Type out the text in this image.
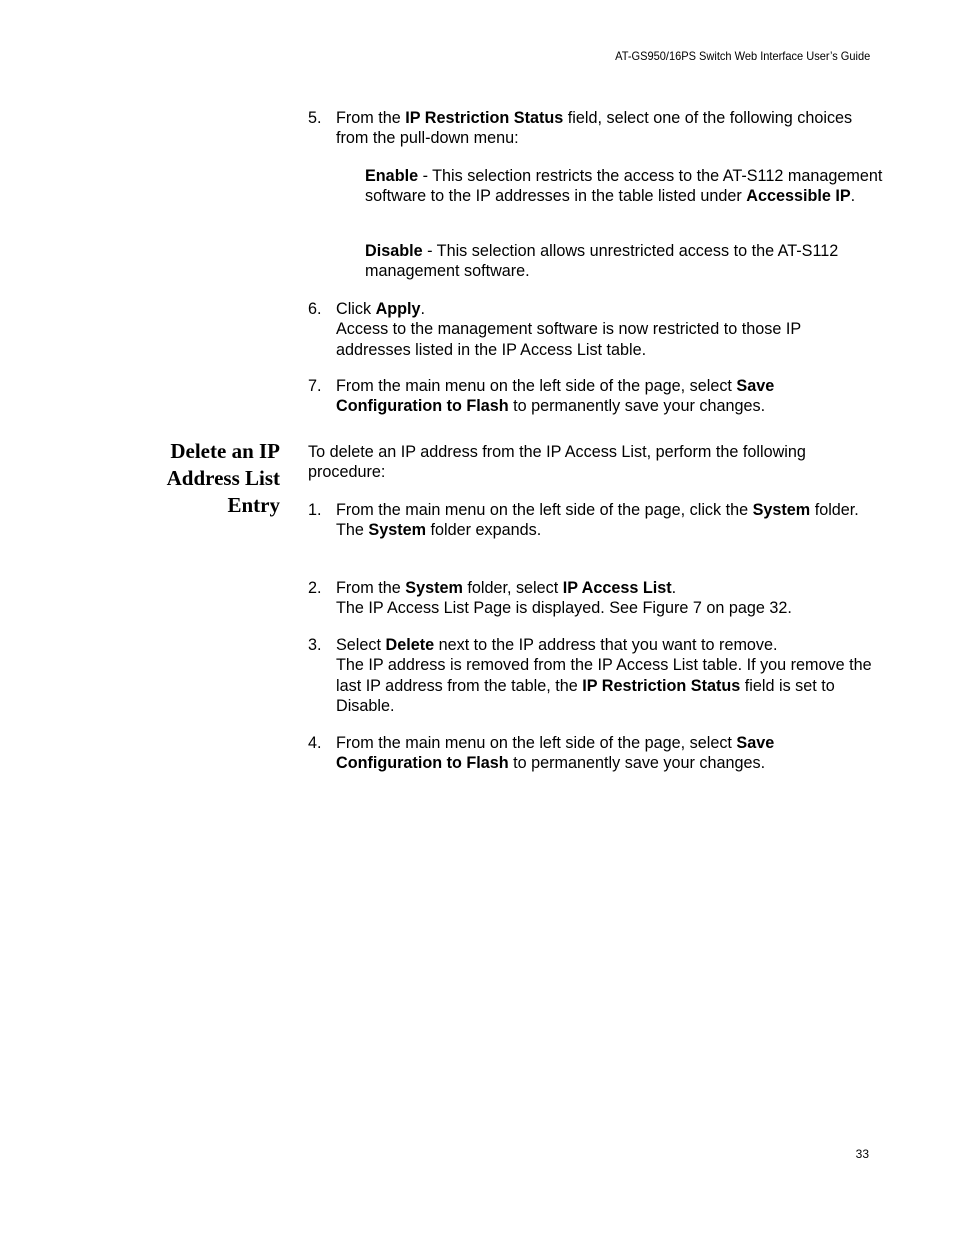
AT-GS950/16PS Switch Web Interface User’s Guide
Delete an IP
Address List
Entry
5. From the IP Restriction Status field, select one of the following choices from the pull-down menu:

Enable - This selection restricts the access to the AT-S112 management software to the IP addresses in the table listed under Accessible IP.

Disable - This selection allows unrestricted access to the AT-S112 management software.

6. Click Apply.

Access to the management software is now restricted to those IP addresses listed in the IP Access List table.

7. From the main menu on the left side of the page, select Save Configuration to Flash to permanently save your changes.

To delete an IP address from the IP Access List, perform the following procedure:

1. From the main menu on the left side of the page, click the System folder.

The System folder expands.

2. From the System folder, select IP Access List.

The IP Access List Page is displayed. See Figure 7 on page 32.

3. Select Delete next to the IP address that you want to remove.

The IP address is removed from the IP Access List table. If you remove the last IP address from the table, the IP Restriction Status field is set to Disable.

4. From the main menu on the left side of the page, select Save Configuration to Flash to permanently save your changes.

33
